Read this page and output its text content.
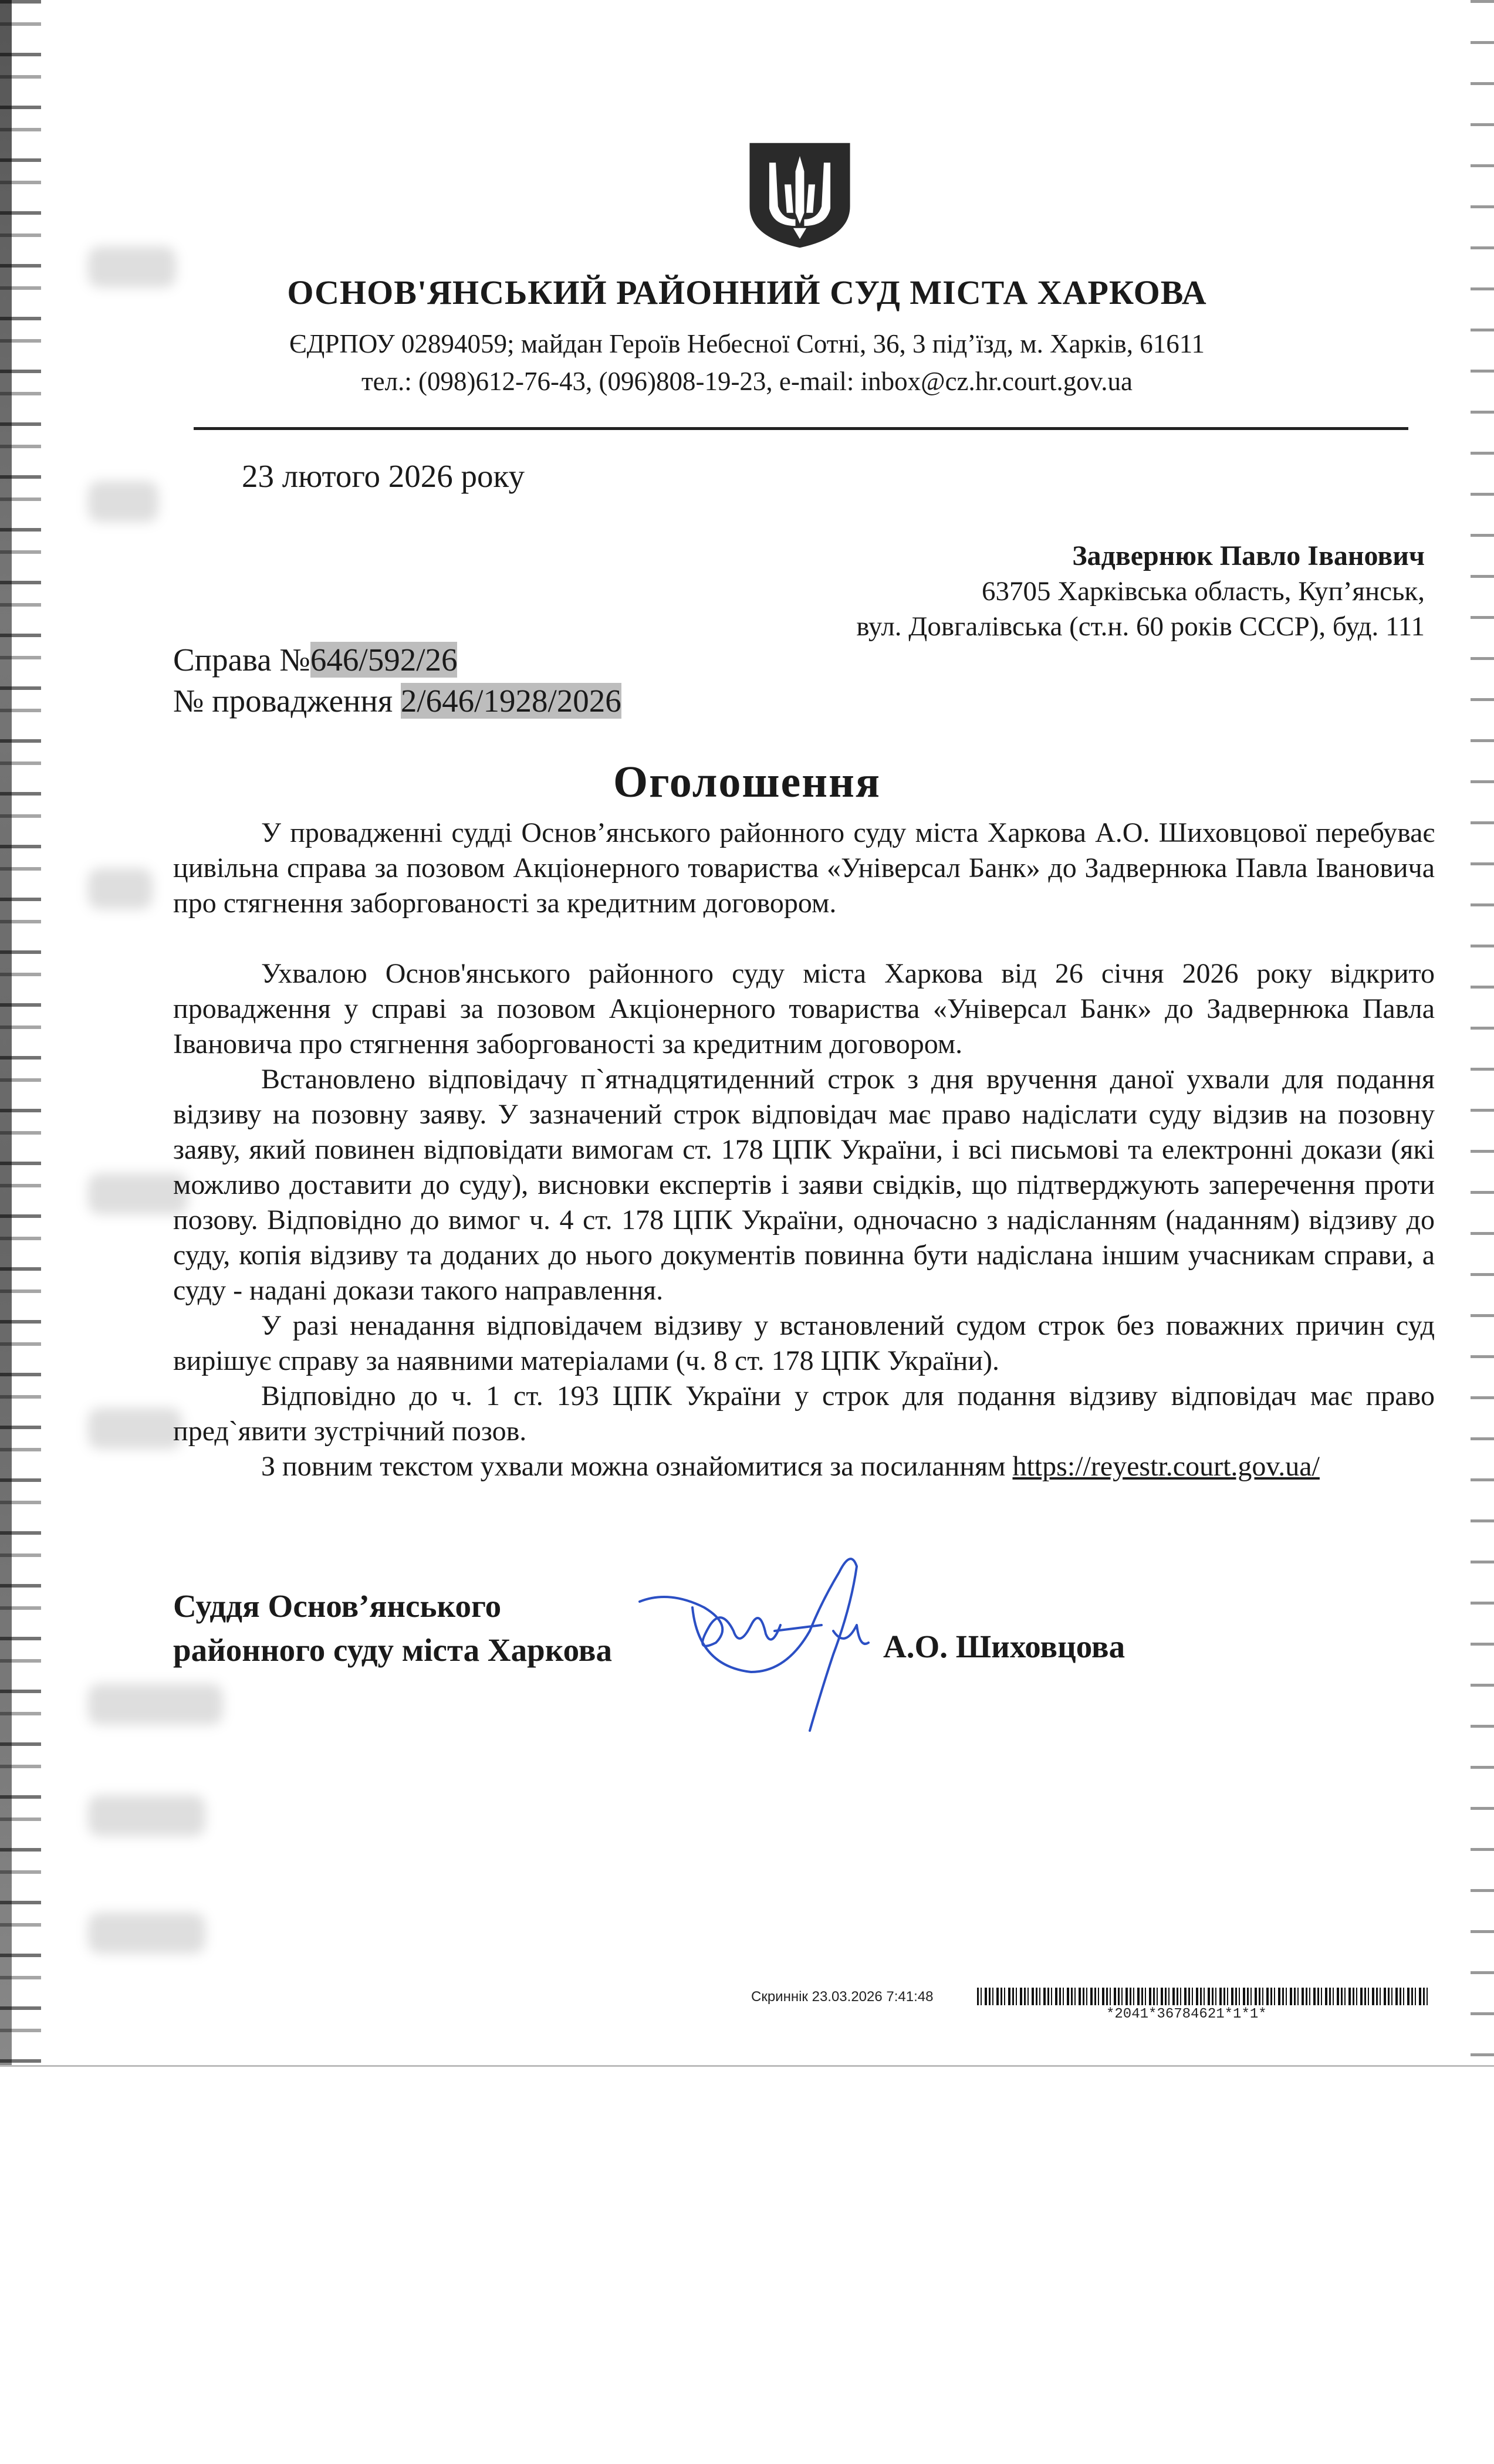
ОСНОВ'ЯНСЬКИЙ РАЙОННИЙ СУД МІСТА ХАРКОВА
ЄДРПОУ 02894059; майдан Героїв Небесної Сотні, 36, 3 під’їзд, м. Харків, 61611
тел.: (098)612-76-43, (096)808-19-23, e-mail: inbox@cz.hr.court.gov.ua
23 лютого 2026 року
Задвернюк Павло Іванович
63705 Харківська область, Куп’янськ,
вул. Довгалівська (ст.н. 60 років СССР), буд. 111
Справа №646/592/26
№ провадження 2/646/1928/2026
Оголошення

У провадженні судді Основ’янського районного суду міста Харкова А.О. Шиховцової перебуває цивільна справа за позовом Акціонерного товариства «Універсал Банк» до Задвернюка Павла Івановича про стягнення заборгованості за кредитним договором.

Ухвалою Основ'янського районного суду міста Харкова від 26 січня 2026 року відкрито провадження у справі за позовом Акціонерного товариства «Універсал Банк» до Задвернюка Павла Івановича про стягнення заборгованості за кредитним договором.

Встановлено відповідачу п`ятнадцятиденний строк з дня вручення даної ухвали для подання відзиву на позовну заяву. У зазначений строк відповідач має право надіслати суду відзив на позовну заяву, який повинен відповідати вимогам ст. 178 ЦПК України, і всі письмові та електронні докази (які можливо доставити до суду), висновки експертів і заяви свідків, що підтверджують заперечення проти позову. Відповідно до вимог ч. 4 ст. 178 ЦПК України, одночасно з надісланням (наданням) відзиву до суду, копія відзиву та доданих до нього документів повинна бути надіслана іншим учасникам справи, а суду - надані докази такого направлення.

У разі ненадання відповідачем відзиву у встановлений судом строк без поважних причин суд вирішує справу за наявними матеріалами (ч. 8 ст. 178 ЦПК України).

Відповідно до ч. 1 ст. 193 ЦПК України у строк для подання відзиву відповідач має право пред`явити зустрічний позов.

З повним текстом ухвали можна ознайомитися за посиланням https://reyestr.court.gov.ua/

Суддя Основ’янського
районного суду міста Харкова	А.О. Шиховцова
Скриннік 23.03.2026 7:41:48
*2041*36784621*1*1*
